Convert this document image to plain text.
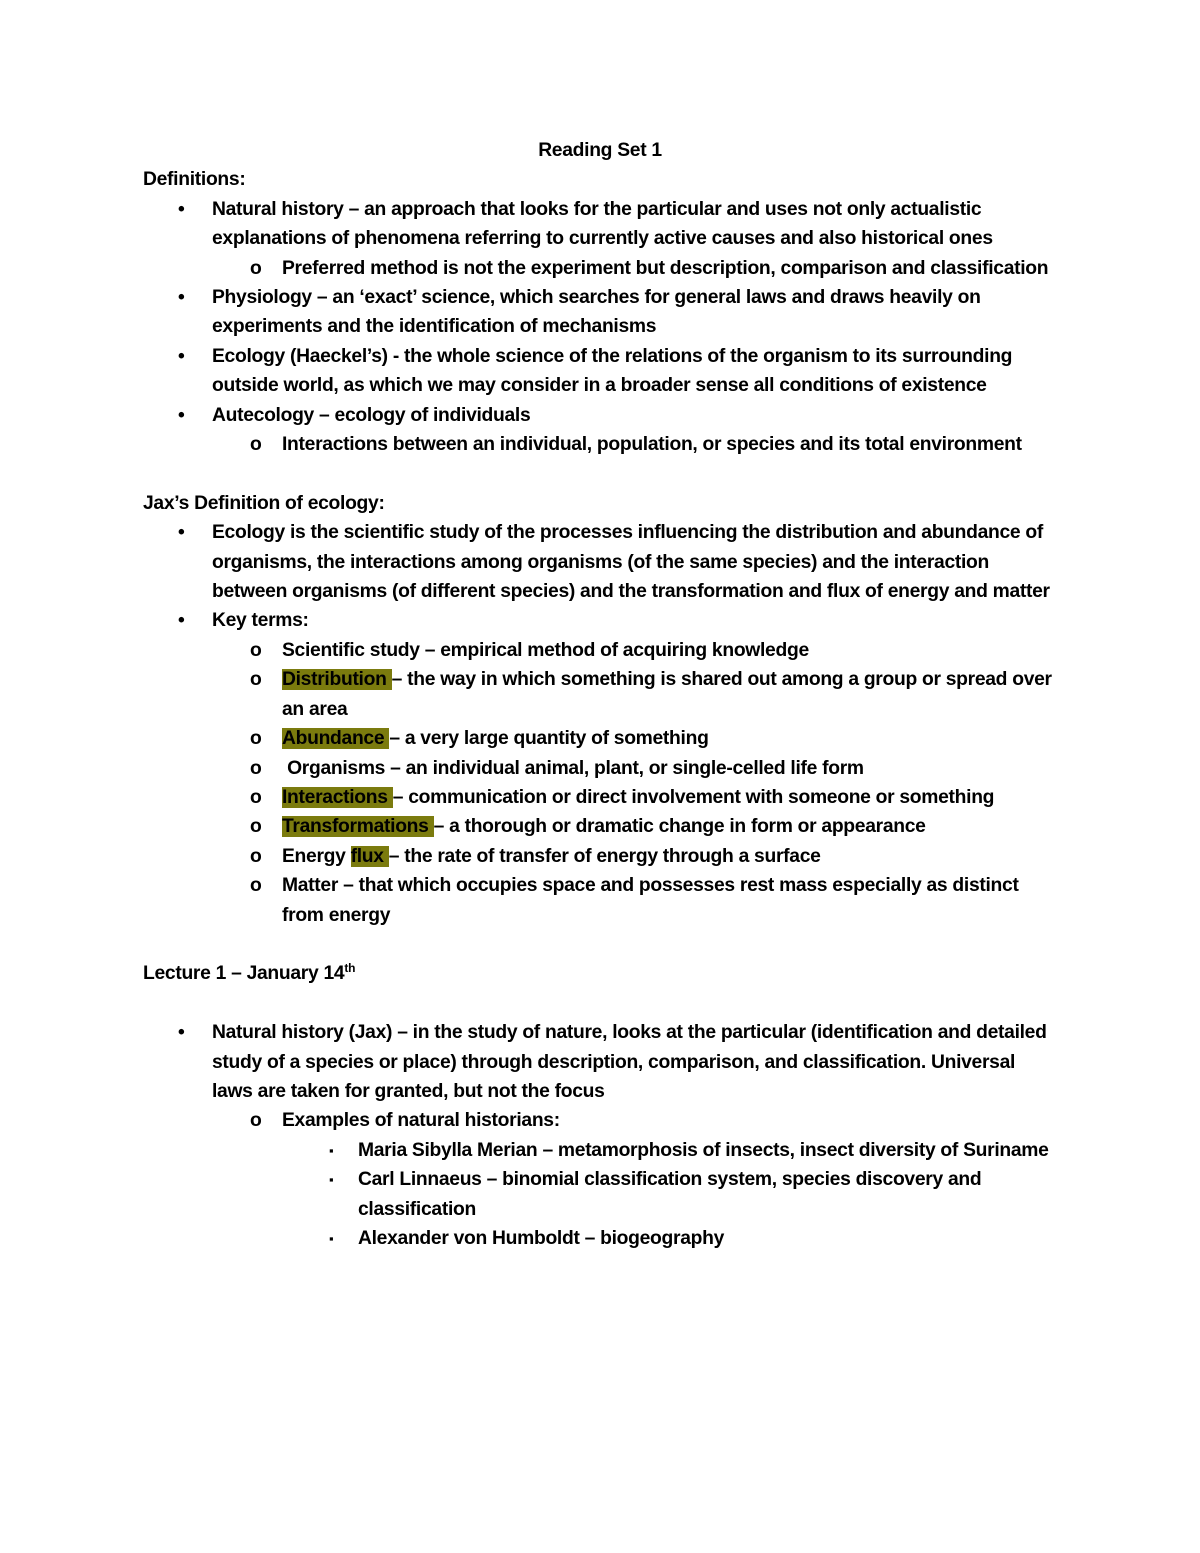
Reading Set 1

Definitions:

•	Natural history – an approach that looks for the particular and uses not only actualistic explanations of phenomena referring to currently active causes and also historical ones
o	Preferred method is not the experiment but description, comparison and classification
•	Physiology – an ‘exact’ science, which searches for general laws and draws heavily on experiments and the identification of mechanisms
•	Ecology (Haeckel’s) - the whole science of the relations of the organism to its surrounding outside world, as which we may consider in a broader sense all conditions of existence
•	Autecology – ecology of individuals
o	Interactions between an individual, population, or species and its total environment

Jax’s Definition of ecology:

•	Ecology is the scientific study of the processes influencing the distribution and abundance of organisms, the interactions among organisms (of the same species) and the interaction between organisms (of different species) and the transformation and flux of energy and matter
•	Key terms:
o	Scientific study – empirical method of acquiring knowledge
o	Distribution – the way in which something is shared out among a group or spread over an area
o	Abundance – a very large quantity of something
o	Organisms – an individual animal, plant, or single-celled life form
o	Interactions – communication or direct involvement with someone or something
o	Transformations – a thorough or dramatic change in form or appearance
o	Energy flux – the rate of transfer of energy through a surface
o	Matter – that which occupies space and possesses rest mass especially as distinct from energy

Lecture 1 – January 14th

•	Natural history (Jax) – in the study of nature, looks at the particular (identification and detailed study of a species or place) through description, comparison, and classification. Universal laws are taken for granted, but not the focus
o	Examples of natural historians:
▪	Maria Sibylla Merian – metamorphosis of insects, insect diversity of Suriname
▪	Carl Linnaeus – binomial classification system, species discovery and classification
▪	Alexander von Humboldt – biogeography
